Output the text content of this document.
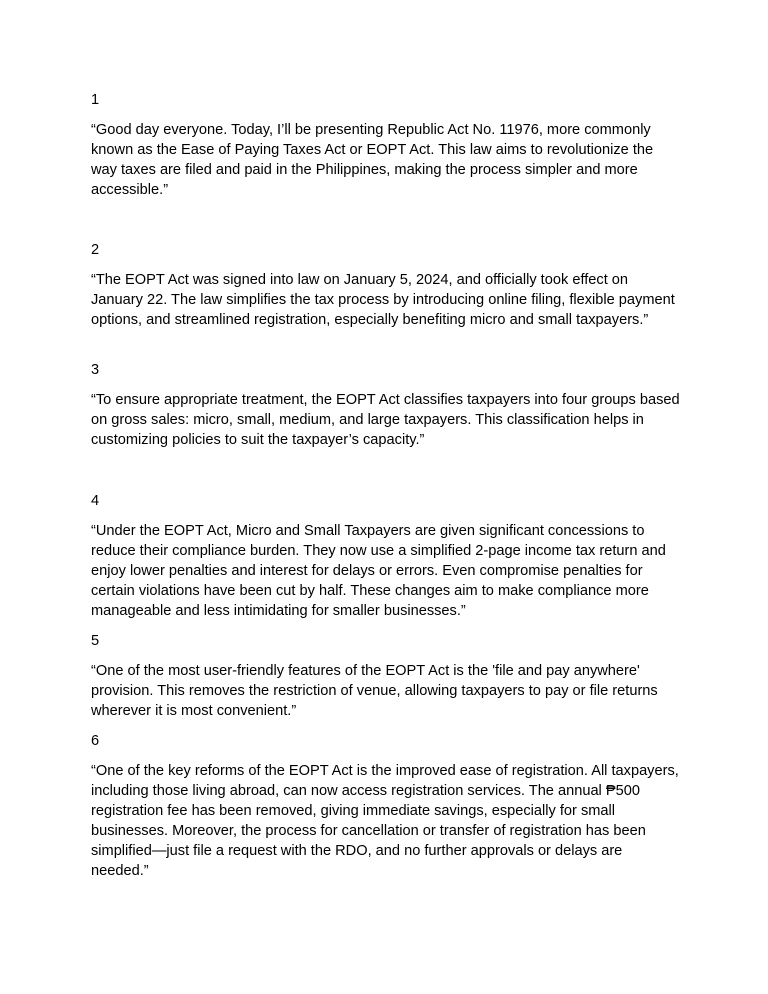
1

“Good day everyone. Today, I’ll be presenting Republic Act No. 11976, more commonly known as the Ease of Paying Taxes Act or EOPT Act. This law aims to revolutionize the way taxes are filed and paid in the Philippines, making the process simpler and more accessible.”

2

“The EOPT Act was signed into law on January 5, 2024, and officially took effect on January 22. The law simplifies the tax process by introducing online filing, flexible payment options, and streamlined registration, especially benefiting micro and small taxpayers.”

3

“To ensure appropriate treatment, the EOPT Act classifies taxpayers into four groups based on gross sales: micro, small, medium, and large taxpayers. This classification helps in customizing policies to suit the taxpayer’s capacity.”

4

“Under the EOPT Act, Micro and Small Taxpayers are given significant concessions to reduce their compliance burden. They now use a simplified 2-page income tax return and enjoy lower penalties and interest for delays or errors. Even compromise penalties for certain violations have been cut by half. These changes aim to make compliance more manageable and less intimidating for smaller businesses.”

5

“One of the most user-friendly features of the EOPT Act is the 'file and pay anywhere' provision. This removes the restriction of venue, allowing taxpayers to pay or file returns wherever it is most convenient.”

6

“One of the key reforms of the EOPT Act is the improved ease of registration. All taxpayers, including those living abroad, can now access registration services. The annual ₱500 registration fee has been removed, giving immediate savings, especially for small businesses. Moreover, the process for cancellation or transfer of registration has been simplified—just file a request with the RDO, and no further approvals or delays are needed.”
